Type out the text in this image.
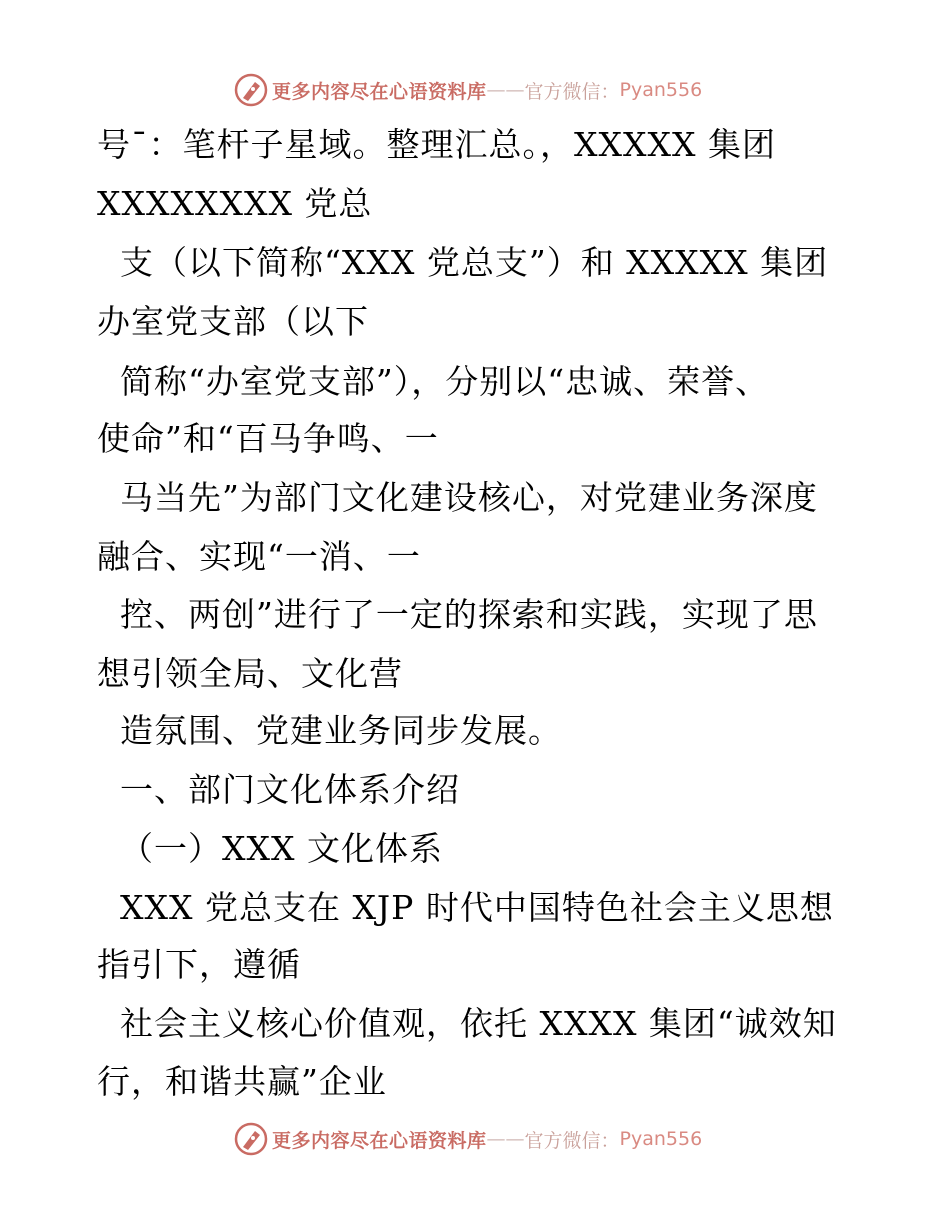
更多内容尽在心语资料库 —— 官方微信： Pyan556
号¯：笔杆子星域。整理汇总。，XXXXX 集团
XXXXXXXX 党总
支（以下简称“XXX 党总支”）和 XXXXX 集团
办室党支部（以下
简称“办室党支部”），分别以“忠诚、荣誉、
使命”和“百马争鸣、一
马当先”为部门文化建设核心，对党建业务深度
融合、实现“一消、一
控、两创”进行了一定的探索和实践，实现了思
想引领全局、文化营
造氛围、党建业务同步发展。
一、部门文化体系介绍
（一）XXX 文化体系
XXX 党总支在 XJP 时代中国特色社会主义思想
指引下，遵循
社会主义核心价值观，依托 XXXX 集团“诚效知
行，和谐共赢”企业
更多内容尽在心语资料库 —— 官方微信： Pyan556
